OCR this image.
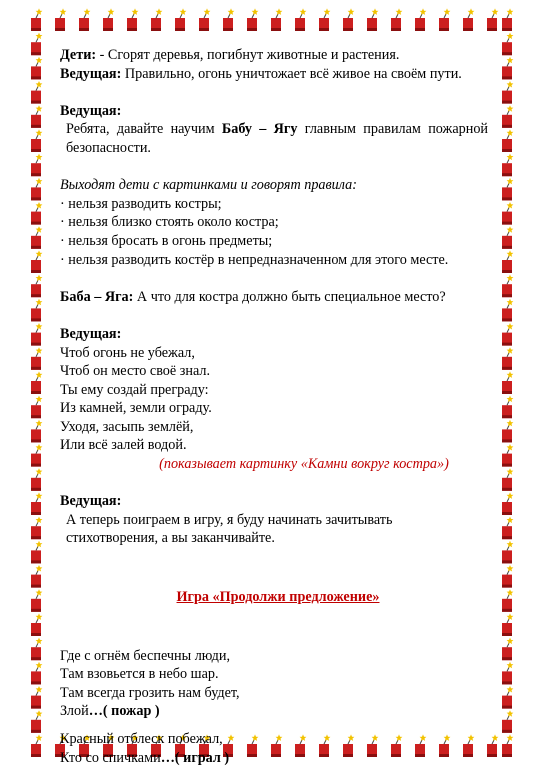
Дети: - Сгорят деревья, погибнут животные и растения.

Ведущая: Правильно, огонь уничтожает всё живое на своём пути.

Ведущая:

Ребята, давайте научим Бабу – Ягу главным правилам пожарной безопасности.

Выходят дети с картинками и говорят правила:

· нельзя разводить костры;

· нельзя близко стоять около костра;

· нельзя бросать в огонь предметы;

· нельзя разводить костёр в непредназначенном для этого месте.

Баба – Яга: А что для костра должно быть специальное место?

Ведущая:

Чтоб огонь не убежал,

Чтоб он место своё знал.

Ты ему создай преграду:

Из камней, земли ограду.

Уходя, засыпь землёй,

Или всё залей водой.

(показывает картинку «Камни вокруг костра»)

Ведущая:

А теперь поиграем в игру, я буду начинать зачитывать стихотворения, а вы заканчивайте.

Игра «Продолжи предложение»

Где с огнём беспечны люди,

Там взовьется в небо шар.

Там всегда грозить нам будет,

Злой…( пожар )

Красный отблеск побежал,

Кто со спичками…( играл )
